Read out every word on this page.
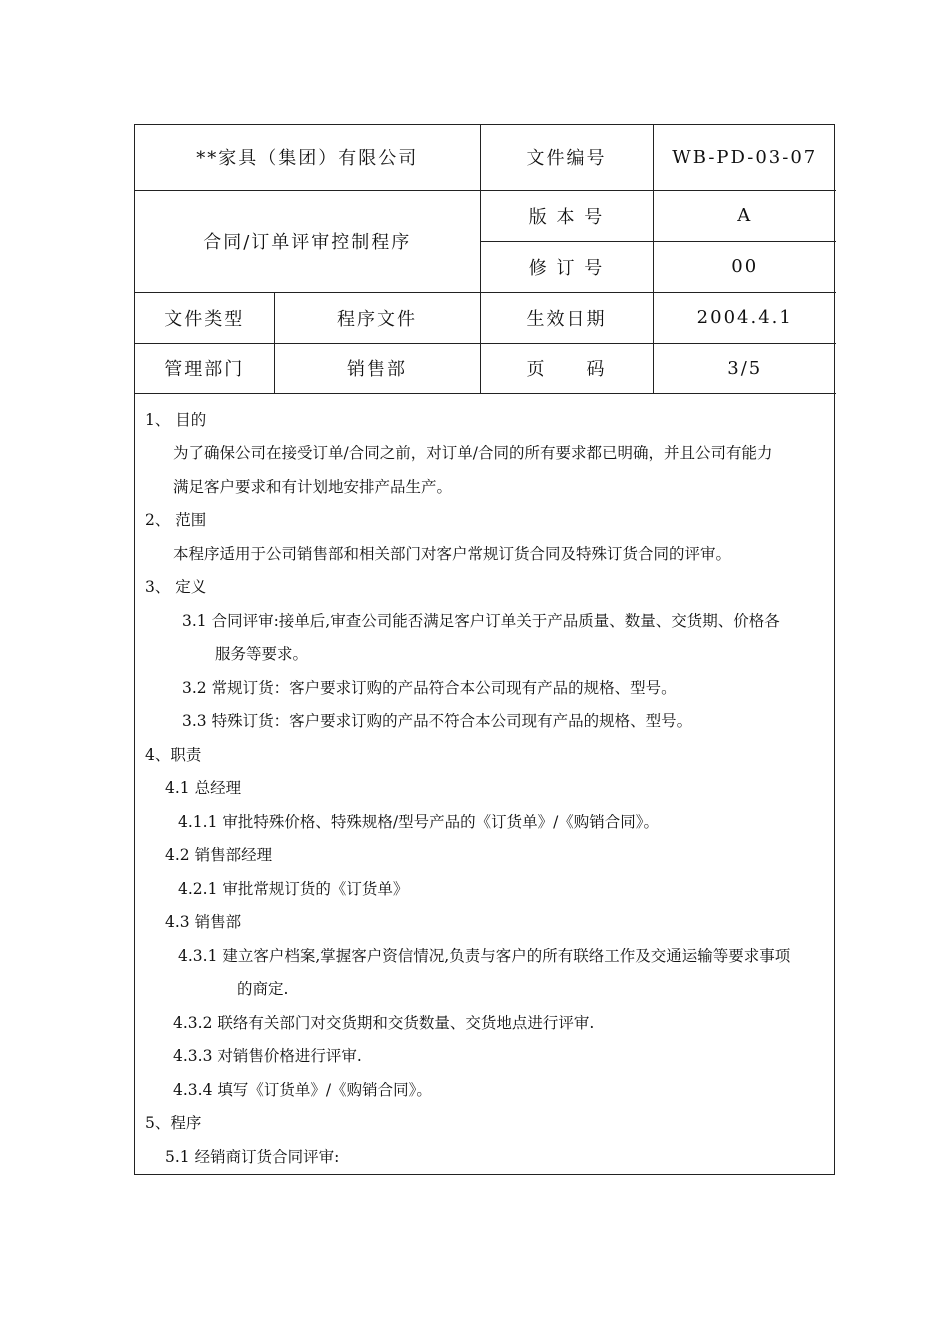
**家具（集团）有限公司		文件编号	WB-PD-03-07
合同/订单评审控制程序		版 本 号	A
		修 订 号	00
文件类型	程序文件	生效日期	2004.4.1
管理部门	销售部	页　　码	3/5

1、 目的

为了确保公司在接受订单/合同之前，对订单/合同的所有要求都已明确，并且公司有能力

满足客户要求和有计划地安排产品生产。

2、 范围

本程序适用于公司销售部和相关部门对客户常规订货合同及特殊订货合同的评审。

3、 定义

3.1 合同评审:接单后,审查公司能否满足客户订单关于产品质量、数量、交货期、价格各

服务等要求。

3.2 常规订货：客户要求订购的产品符合本公司现有产品的规格、型号。

3.3 特殊订货：客户要求订购的产品不符合本公司现有产品的规格、型号。

4、职责

4.1 总经理

4.1.1 审批特殊价格、特殊规格/型号产品的《订货单》/《购销合同》。

4.2 销售部经理

4.2.1 审批常规订货的《订货单》

4.3 销售部

4.3.1 建立客户档案,掌握客户资信情况,负责与客户的所有联络工作及交通运输等要求事项

的商定.

4.3.2 联络有关部门对交货期和交货数量、交货地点进行评审.

4.3.3 对销售价格进行评审.

4.3.4 填写《订货单》/《购销合同》。

5、程序

5.1 经销商订货合同评审:
